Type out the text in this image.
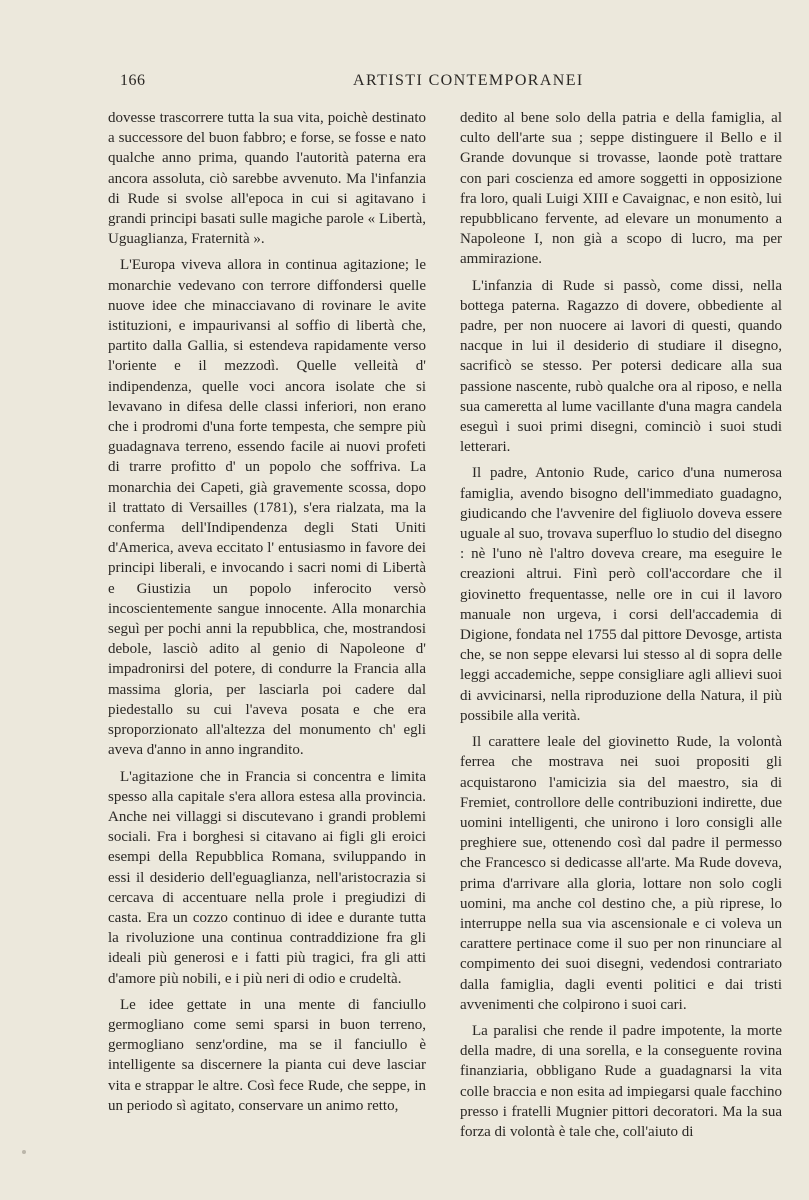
166	ARTISTI CONTEMPORANEI

dovesse trascorrere tutta la sua vita, poichè destinato a successore del buon fabbro; e forse, se fosse e nato qualche anno prima, quando l'autorità paterna era ancora assoluta, ciò sarebbe avvenuto. Ma l'infanzia di Rude si svolse all'epoca in cui si agitavano i grandi principi basati sulle magiche parole « Libertà, Uguaglianza, Fraternità ».

L'Europa viveva allora in continua agitazione; le monarchie vedevano con terrore diffondersi quelle nuove idee che minacciavano di rovinare le avite istituzioni, e impaurivansi al soffio di libertà che, partito dalla Gallia, si estendeva rapidamente verso l'oriente e il mezzodì. Quelle velleità d' indipendenza, quelle voci ancora isolate che si levavano in difesa delle classi inferiori, non erano che i prodromi d'una forte tempesta, che sempre più guadagnava terreno, essendo facile ai nuovi profeti di trarre profitto d' un popolo che soffriva. La monarchia dei Capeti, già gravemente scossa, dopo il trattato di Versailles (1781), s'era rialzata, ma la conferma dell'Indipendenza degli Stati Uniti d'America, aveva eccitato l' entusiasmo in favore dei principi liberali, e invocando i sacri nomi di Libertà e Giustizia un popolo inferocito versò incoscientemente sangue innocente. Alla monarchia seguì per pochi anni la repubblica, che, mostrandosi debole, lasciò adito al genio di Napoleone d' impadronirsi del potere, di condurre la Francia alla massima gloria, per lasciarla poi cadere dal piedestallo su cui l'aveva posata e che era sproporzionato all'altezza del monumento ch' egli aveva d'anno in anno ingrandito.

L'agitazione che in Francia si concentra e limita spesso alla capitale s'era allora estesa alla provincia. Anche nei villaggi si discutevano i grandi problemi sociali. Fra i borghesi si citavano ai figli gli eroici esempi della Repubblica Romana, sviluppando in essi il desiderio dell'eguaglianza, nell'aristocrazia si cercava di accentuare nella prole i pregiudizi di casta. Era un cozzo continuo di idee e durante tutta la rivoluzione una continua contraddizione fra gli ideali più generosi e i fatti più tragici, fra gli atti d'amore più nobili, e i più neri di odio e crudeltà.

Le idee gettate in una mente di fanciullo germogliano come semi sparsi in buon terreno, germogliano senz'ordine, ma se il fanciullo è intelligente sa discernere la pianta cui deve lasciar vita e strappar le altre. Così fece Rude, che seppe, in un periodo sì agitato, conservare un animo retto,

dedito al bene solo della patria e della famiglia, al culto dell'arte sua ; seppe distinguere il Bello e il Grande dovunque si trovasse, laonde potè trattare con pari coscienza ed amore soggetti in opposizione fra loro, quali Luigi XIII e Cavaignac, e non esitò, lui repubblicano fervente, ad elevare un monumento a Napoleone I, non già a scopo di lucro, ma per ammirazione.

L'infanzia di Rude si passò, come dissi, nella bottega paterna. Ragazzo di dovere, obbediente al padre, per non nuocere ai lavori di questi, quando nacque in lui il desiderio di studiare il disegno, sacrificò se stesso. Per potersi dedicare alla sua passione nascente, rubò qualche ora al riposo, e nella sua cameretta al lume vacillante d'una magra candela eseguì i suoi primi disegni, cominciò i suoi studi letterari.

Il padre, Antonio Rude, carico d'una numerosa famiglia, avendo bisogno dell'immediato guadagno, giudicando che l'avvenire del figliuolo doveva essere uguale al suo, trovava superfluo lo studio del disegno : nè l'uno nè l'altro doveva creare, ma eseguire le creazioni altrui. Finì però coll'accordare che il giovinetto frequentasse, nelle ore in cui il lavoro manuale non urgeva, i corsi dell'accademia di Digione, fondata nel 1755 dal pittore Devosge, artista che, se non seppe elevarsi lui stesso al di sopra delle leggi accademiche, seppe consigliare agli allievi suoi di avvicinarsi, nella riproduzione della Natura, il più possibile alla verità.

Il carattere leale del giovinetto Rude, la volontà ferrea che mostrava nei suoi propositi gli acquistarono l'amicizia sia del maestro, sia di Fremiet, controllore delle contribuzioni indirette, due uomini intelligenti, che unirono i loro consigli alle preghiere sue, ottenendo così dal padre il permesso che Francesco si dedicasse all'arte. Ma Rude doveva, prima d'arrivare alla gloria, lottare non solo cogli uomini, ma anche col destino che, a più riprese, lo interruppe nella sua via ascensionale e ci voleva un carattere pertinace come il suo per non rinunciare al compimento dei suoi disegni, vedendosi contrariato dalla famiglia, dagli eventi politici e dai tristi avvenimenti che colpirono i suoi cari.

La paralisi che rende il padre impotente, la morte della madre, di una sorella, e la conseguente rovina finanziaria, obbligano Rude a guadagnarsi la vita colle braccia e non esita ad impiegarsi quale facchino presso i fratelli Mugnier pittori decoratori. Ma la sua forza di volontà è tale che, coll'aiuto di
